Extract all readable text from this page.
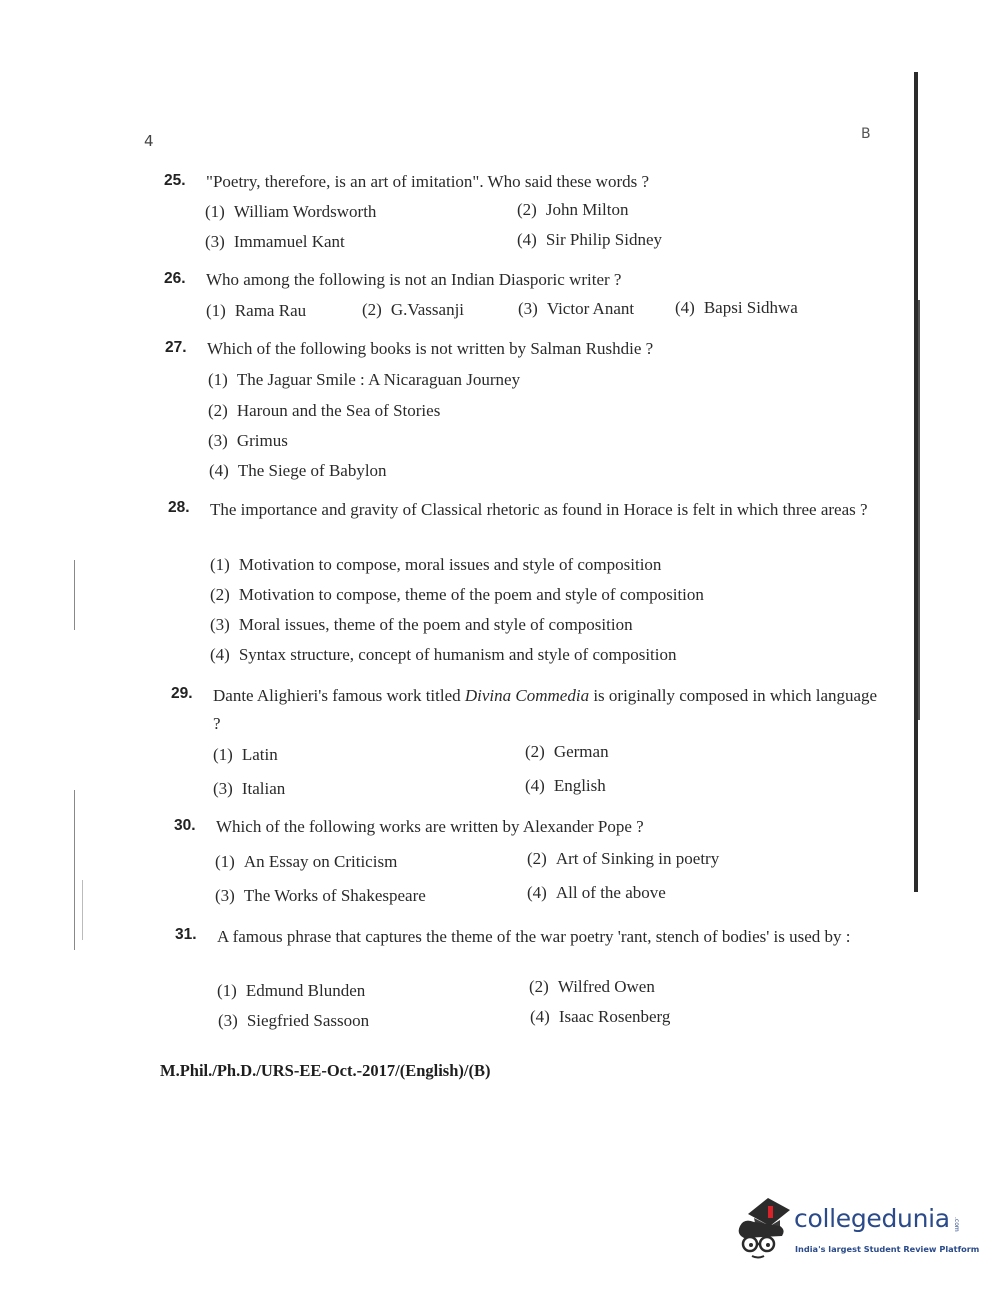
4	B
25. "Poetry, therefore, is an art of imitation". Who said these words ?
(1) William Wordsworth	(2) John Milton
(3) Immamuel Kant	(4) Sir Philip Sidney
26. Who among the following is not an Indian Diasporic writer ?
(1) Rama Rau	(2) G.Vassanji	(3) Victor Anant (4) Bapsi Sidhwa
27. Which of the following books is not written by Salman Rushdie ?
(1) The Jaguar Smile : A Nicaraguan Journey
(2) Haroun and the Sea of Stories
(3) Grimus
(4) The Siege of Babylon
28. The importance and gravity of Classical rhetoric as found in Horace is felt in which three areas ?
(1) Motivation to compose, moral issues and style of composition
(2) Motivation to compose, theme of the poem and style of composition
(3) Moral issues, theme of the poem and style of composition
(4) Syntax structure, concept of humanism and style of composition
29. Dante Alighieri's famous work titled Divina Commedia is originally composed in which language ?
(1) Latin	(2) German
(3) Italian	(4) English
30. Which of the following works are written by Alexander Pope ?
(1) An Essay on Criticism	(2) Art of Sinking in poetry
(3) The Works of Shakespeare	(4) All of the above
31. A famous phrase that captures the theme of the war poetry 'rant, stench of bodies' is used by :
(1) Edmund Blunden	(2) Wilfred Owen
(3) Siegfried Sassoon	(4) Isaac Rosenberg
M.Phil./Ph.D./URS-EE-Oct.-2017/(English)/(B)
collegedunia .com
India's largest Student Review Platform
